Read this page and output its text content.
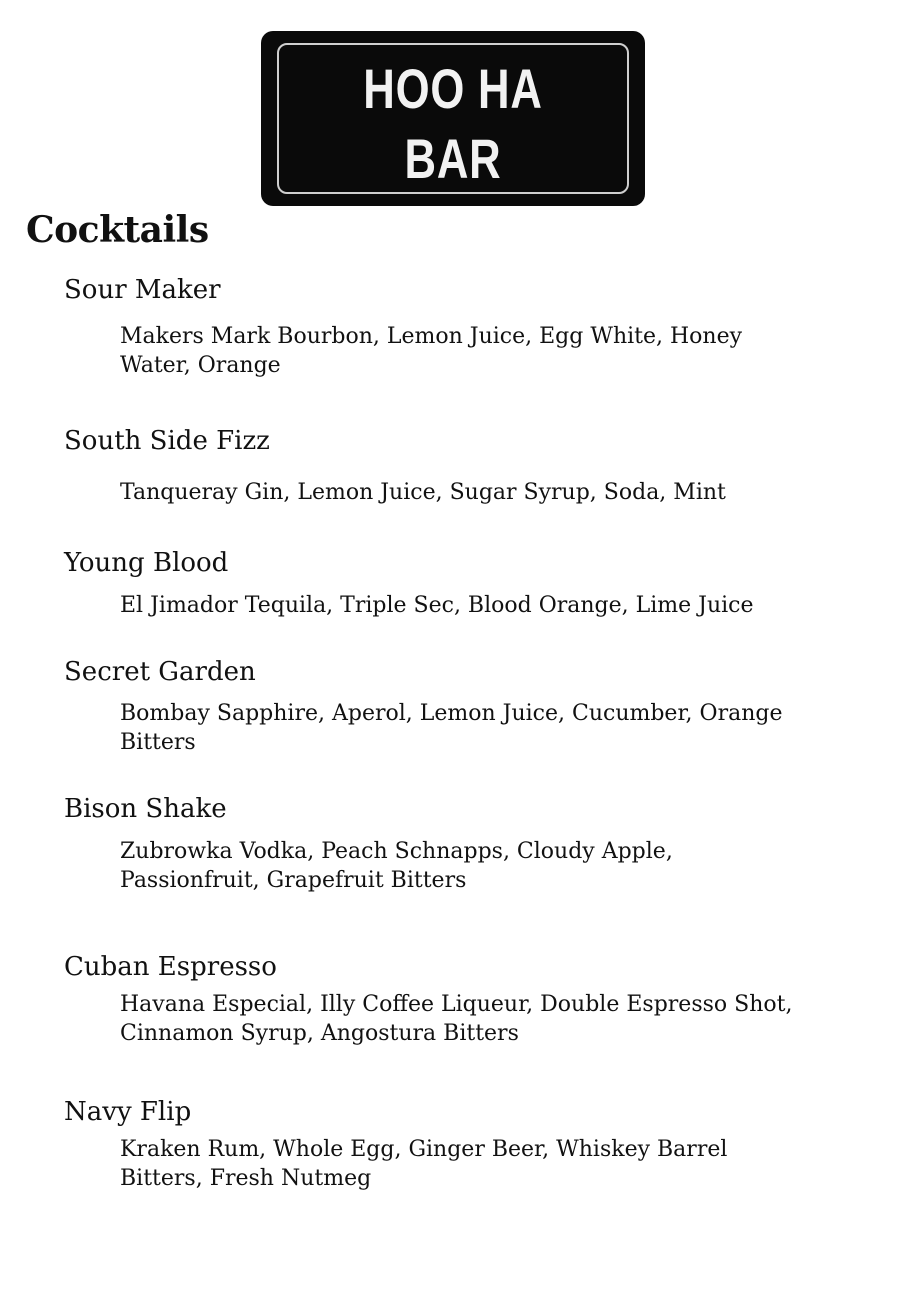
HOO HA
BAR
Cocktails
Sour Maker

Makers Mark Bourbon, Lemon Juice, Egg White, Honey Water, Orange

South Side Fizz

Tanqueray Gin, Lemon Juice, Sugar Syrup, Soda, Mint

Young Blood

El Jimador Tequila, Triple Sec, Blood Orange, Lime Juice

Secret Garden

Bombay Sapphire, Aperol, Lemon Juice, Cucumber, Orange Bitters

Bison Shake

Zubrowka Vodka, Peach Schnapps, Cloudy Apple, Passionfruit, Grapefruit Bitters

Cuban Espresso

Havana Especial, Illy Coffee Liqueur, Double Espresso Shot, Cinnamon Syrup, Angostura Bitters

Navy Flip

Kraken Rum, Whole Egg, Ginger Beer, Whiskey Barrel Bitters, Fresh Nutmeg
